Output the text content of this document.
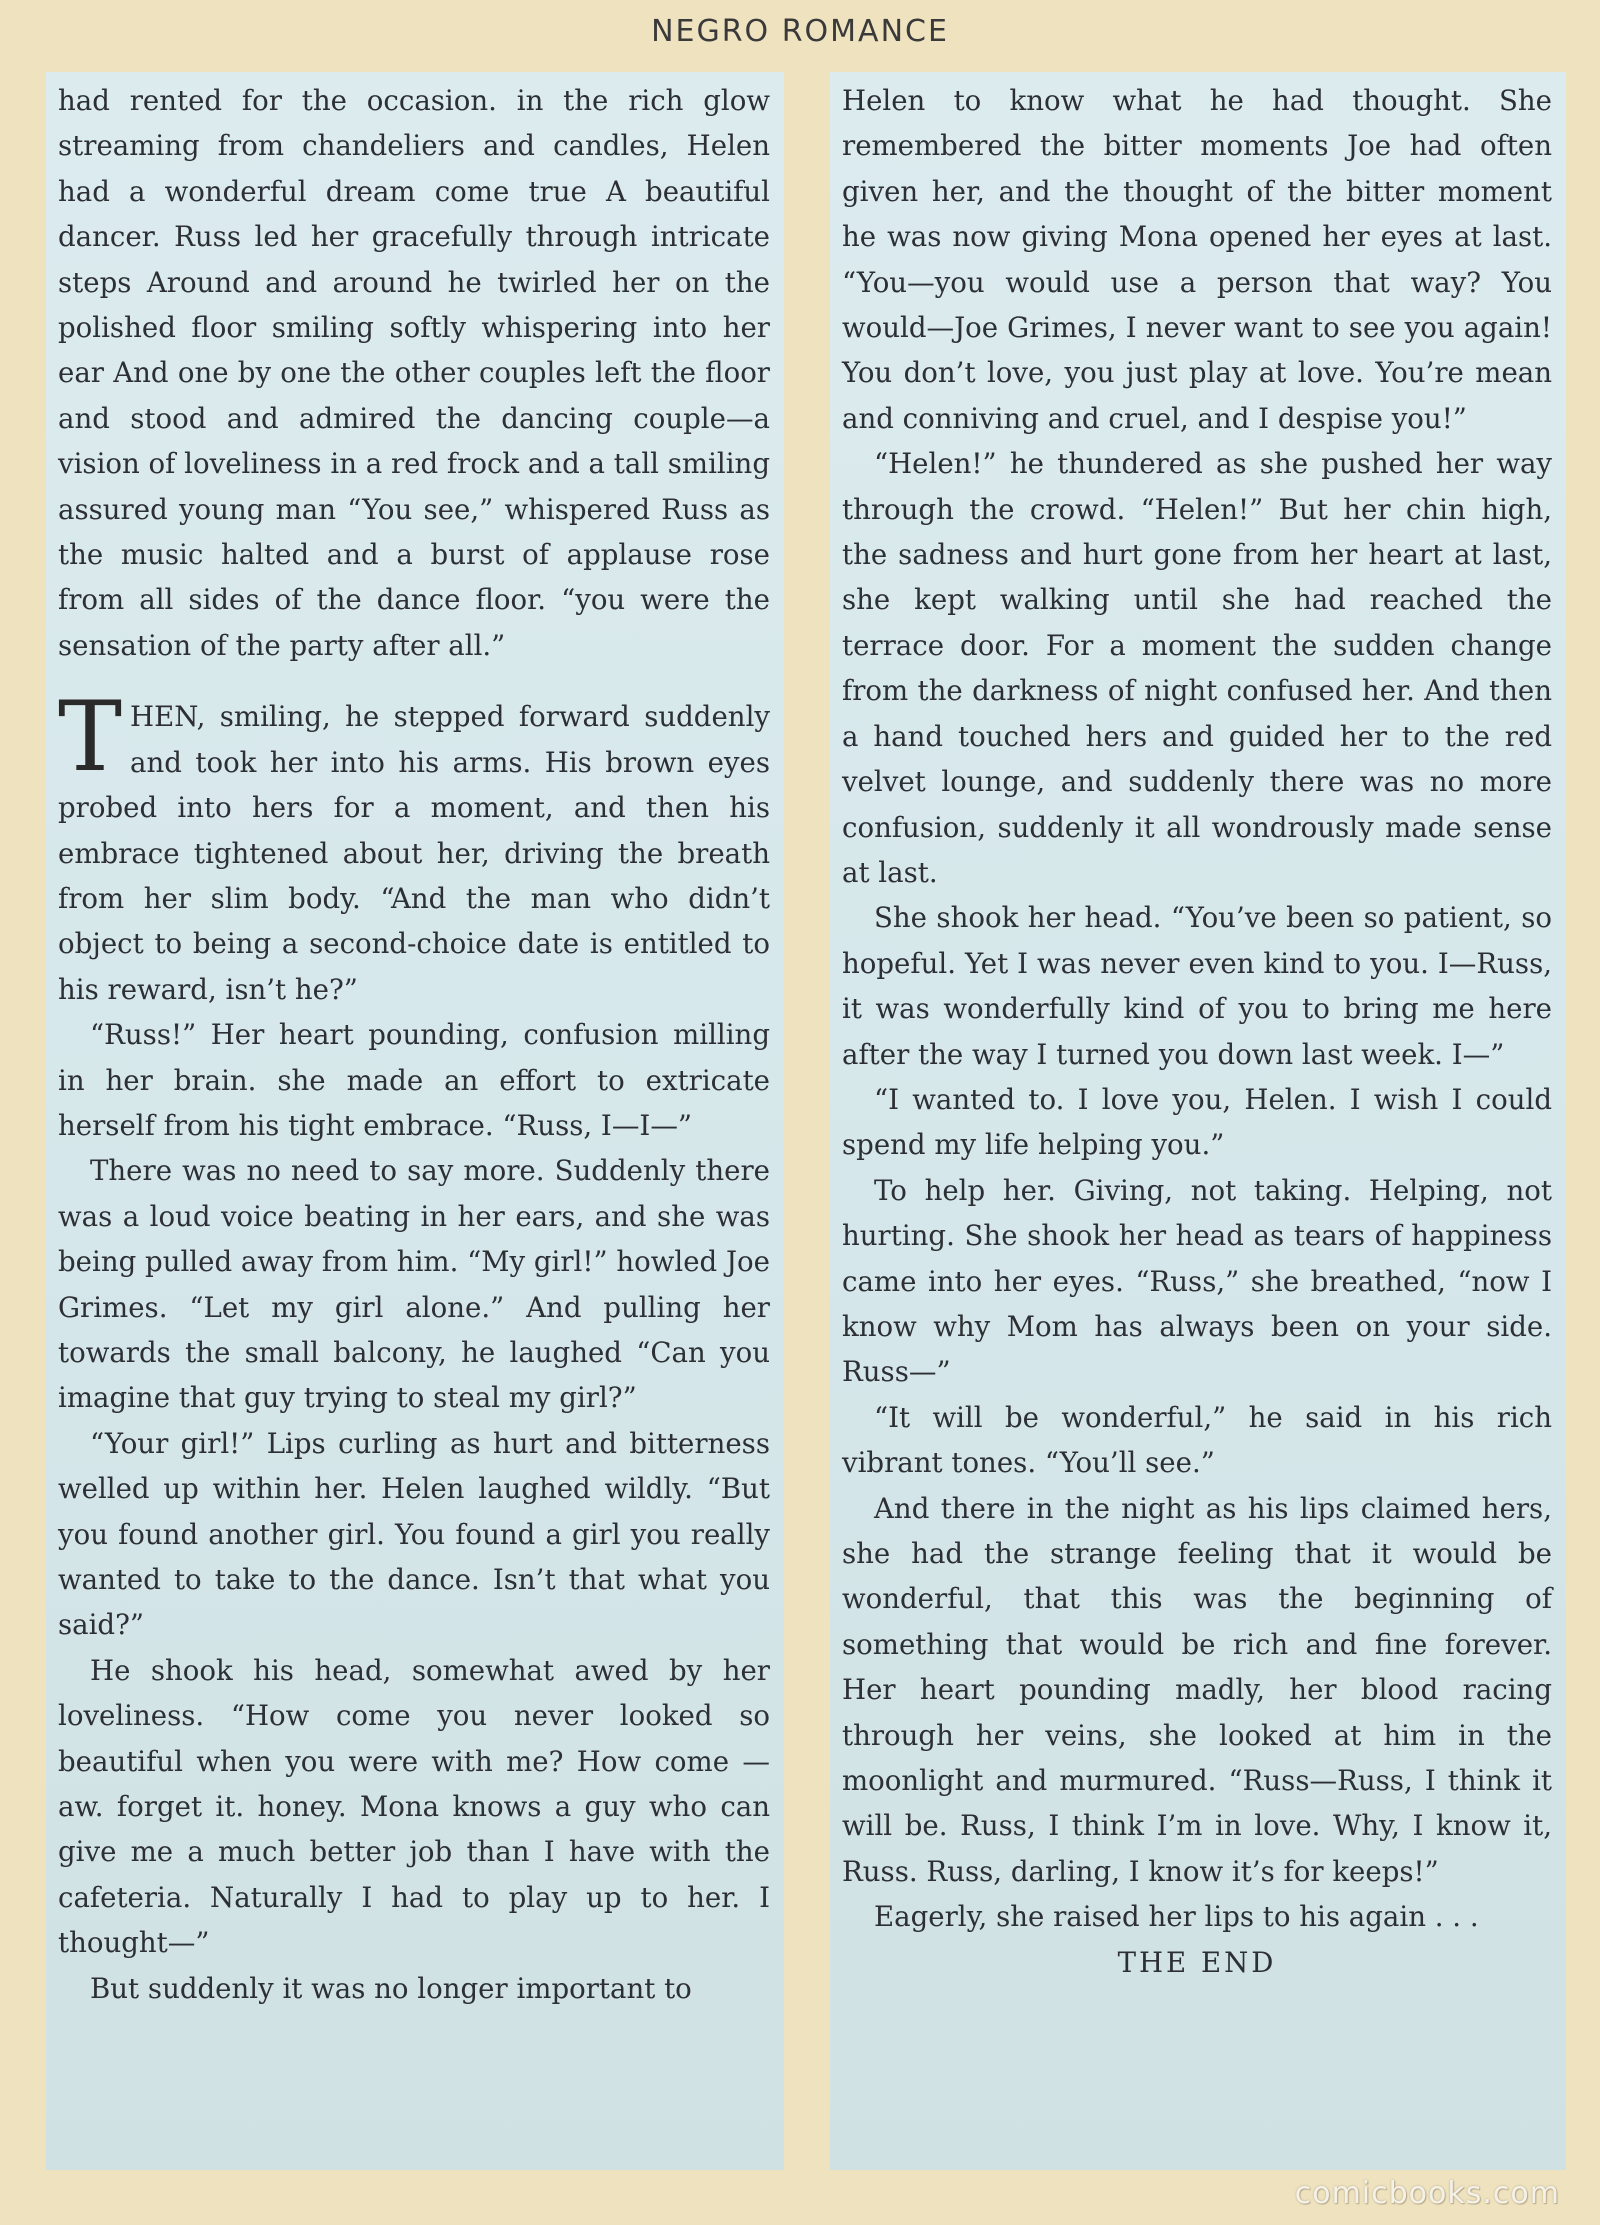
NEGRO ROMANCE

had rented for the occasion. in the rich glow streaming from chandeliers and candles, Helen had a wonderful dream come true A beautiful dancer. Russ led her gracefully through intricate steps Around and around he twirled her on the polished floor smiling softly whispering into her ear And one by one the other couples left the floor and stood and admired the dancing couple—a vision of loveliness in a red frock and a tall smiling assured young man “You see,” whispered Russ as the music halted and a burst of applause rose from all sides of the dance floor. “you were the sensation of the party after all.”

THEN, smiling, he stepped forward suddenly and took her into his arms. His brown eyes probed into hers for a moment, and then his embrace tightened about her, driving the breath from her slim body. “And the man who didn’t object to being a second-choice date is entitled to his reward, isn’t he?”

“Russ!” Her heart pounding, confusion milling in her brain. she made an effort to extricate herself from his tight embrace. “Russ, I—I—”

There was no need to say more. Suddenly there was a loud voice beating in her ears, and she was being pulled away from him. “My girl!” howled Joe Grimes. “Let my girl alone.” And pulling her towards the small balcony, he laughed “Can you imagine that guy trying to steal my girl?”

“Your girl!” Lips curling as hurt and bitterness welled up within her. Helen laughed wildly. “But you found another girl. You found a girl you really wanted to take to the dance. Isn’t that what you said?”

He shook his head, somewhat awed by her loveliness. “How come you never looked so beautiful when you were with me? How come —aw. forget it. honey. Mona knows a guy who can give me a much better job than I have with the cafeteria. Naturally I had to play up to her. I thought—”

But suddenly it was no longer important to

Helen to know what he had thought. She remembered the bitter moments Joe had often given her, and the thought of the bitter moment he was now giving Mona opened her eyes at last. “You—you would use a person that way? You would—Joe Grimes, I never want to see you again! You don’t love, you just play at love. You’re mean and conniving and cruel, and I despise you!”

“Helen!” he thundered as she pushed her way through the crowd. “Helen!” But her chin high, the sadness and hurt gone from her heart at last, she kept walking until she had reached the terrace door. For a moment the sudden change from the darkness of night confused her. And then a hand touched hers and guided her to the red velvet lounge, and suddenly there was no more confusion, suddenly it all wondrously made sense at last.

She shook her head. “You’ve been so patient, so hopeful. Yet I was never even kind to you. I—Russ, it was wonderfully kind of you to bring me here after the way I turned you down last week. I—”

“I wanted to. I love you, Helen. I wish I could spend my life helping you.”

To help her. Giving, not taking. Helping, not hurting. She shook her head as tears of happiness came into her eyes. “Russ,” she breathed, “now I know why Mom has always been on your side. Russ—”

“It will be wonderful,” he said in his rich vibrant tones. “You’ll see.”

And there in the night as his lips claimed hers, she had the strange feeling that it would be wonderful, that this was the beginning of something that would be rich and fine forever. Her heart pounding madly, her blood racing through her veins, she looked at him in the moonlight and murmured. “Russ—Russ, I think it will be. Russ, I think I’m in love. Why, I know it, Russ. Russ, darling, I know it’s for keeps!”

Eagerly, she raised her lips to his again . . .

THE END

comicbooks.com
